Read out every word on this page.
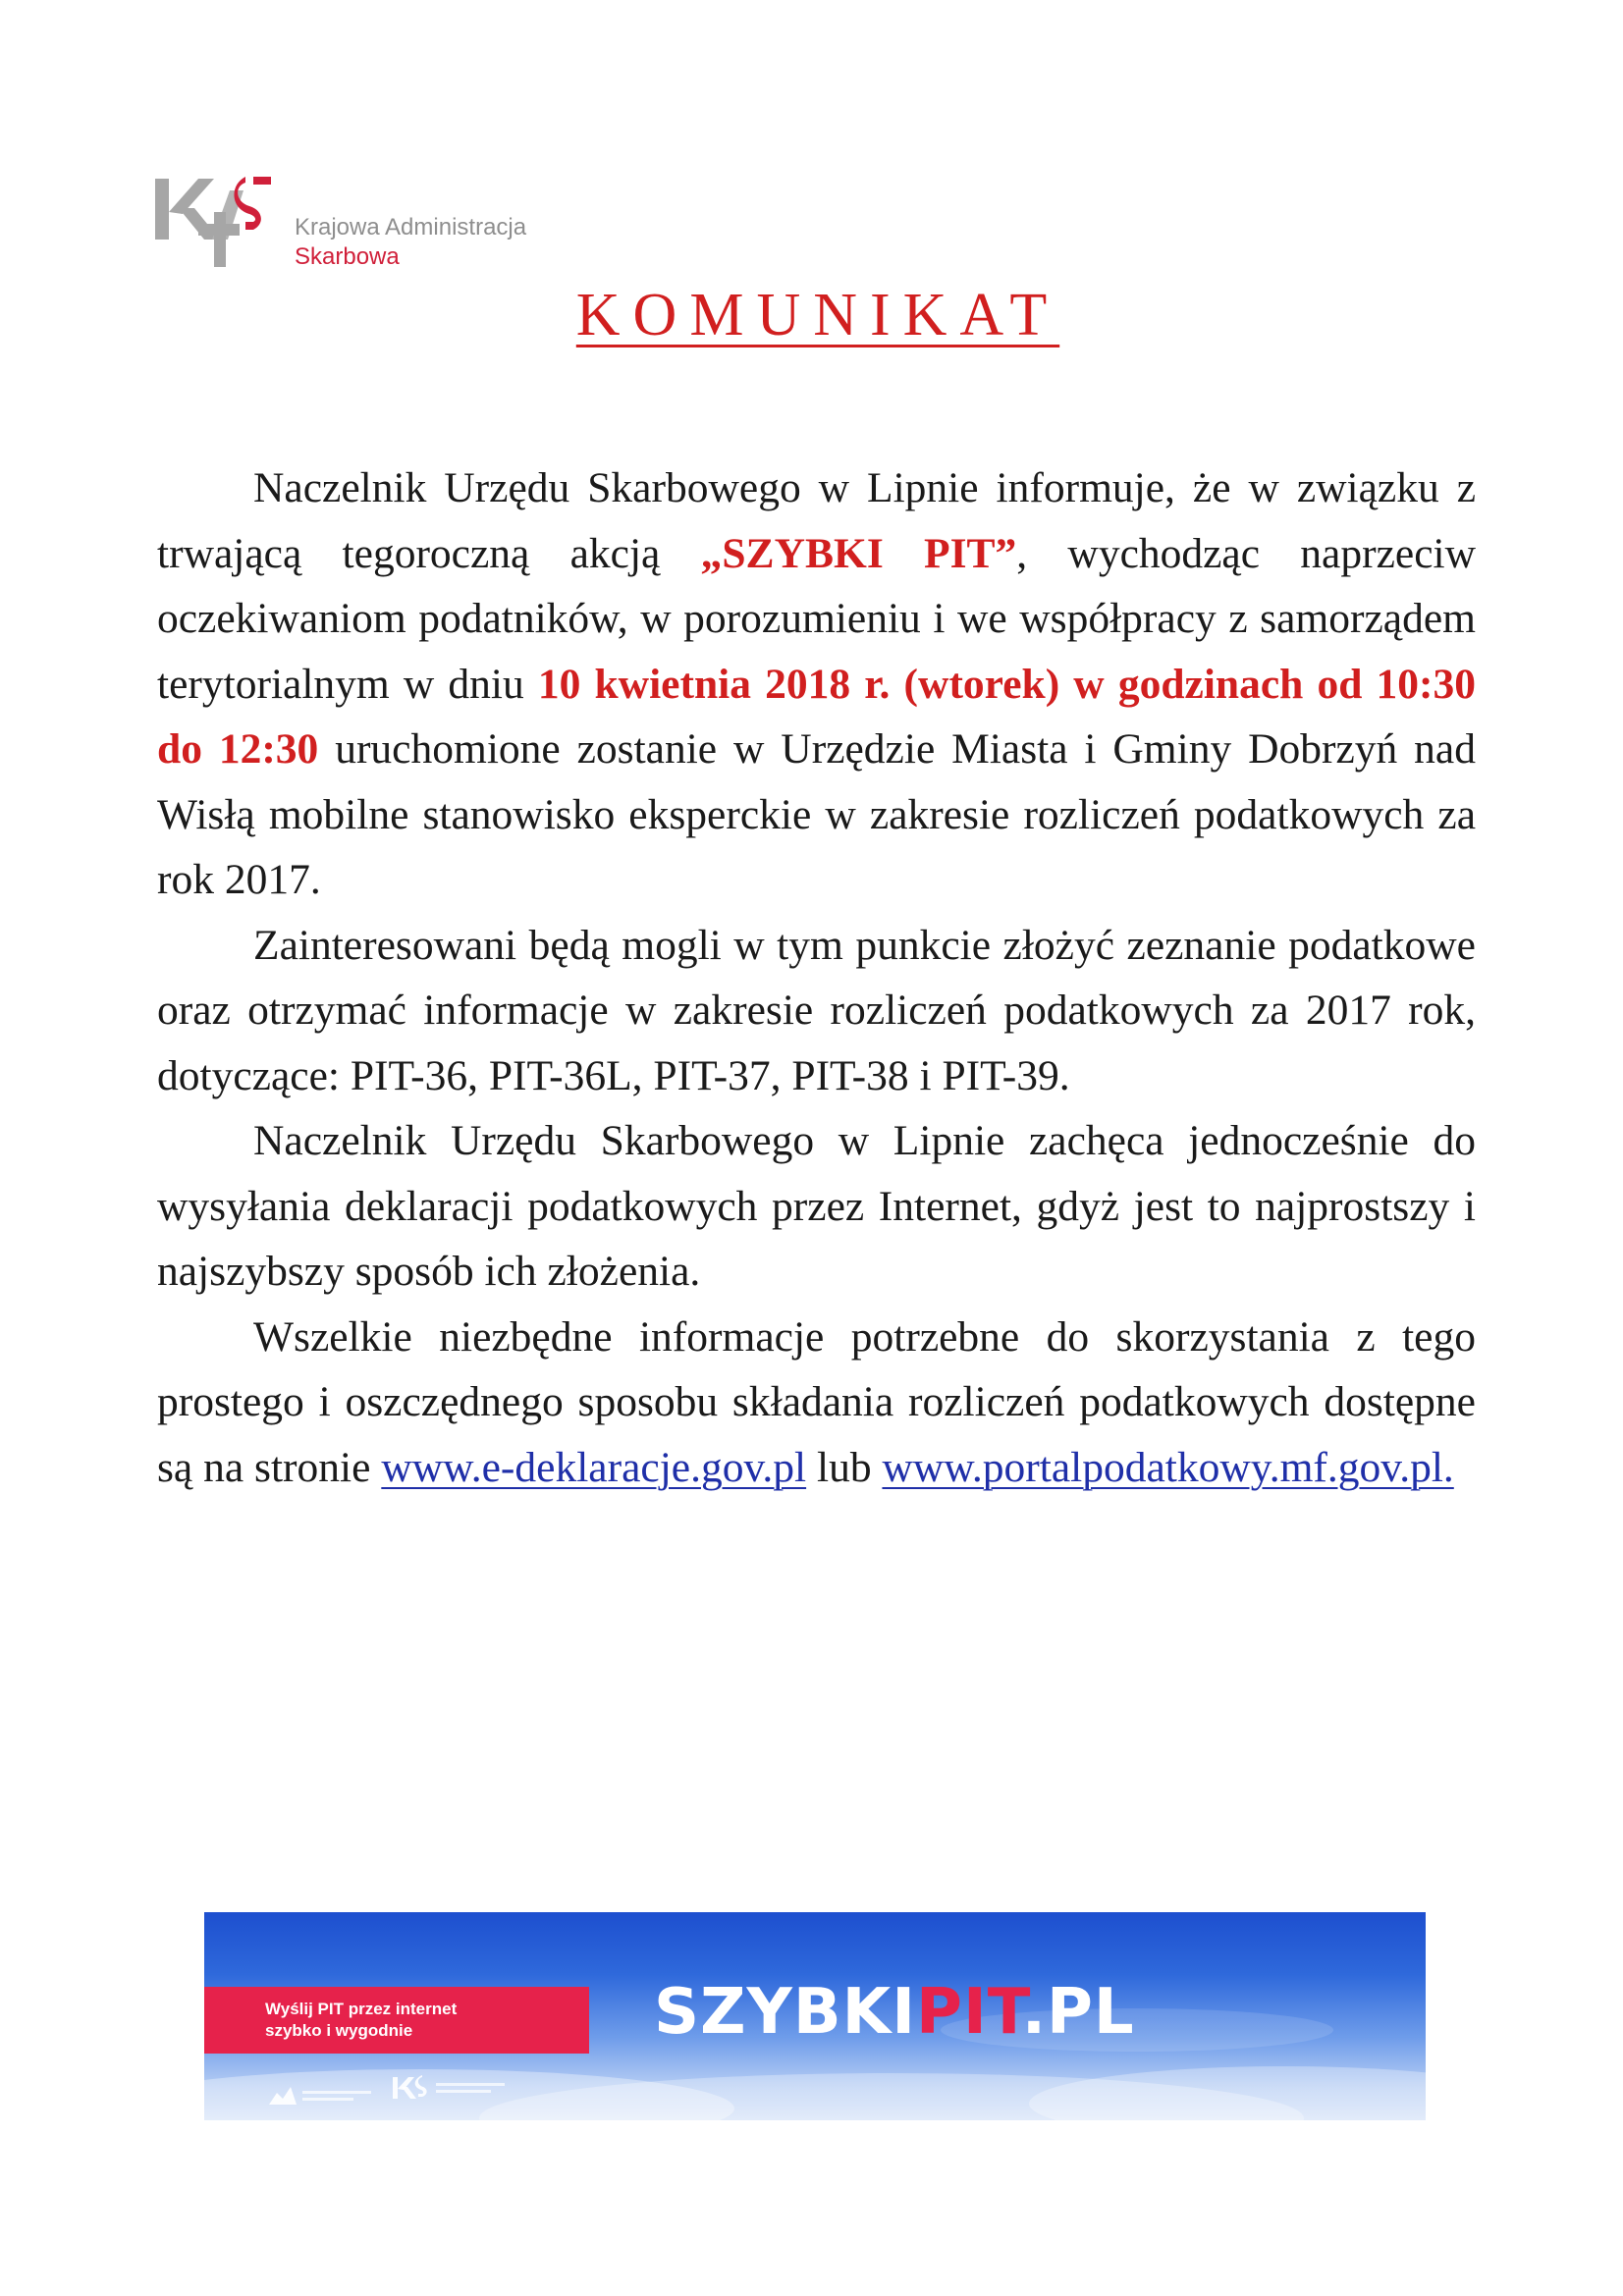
Krajowa Administracja
Skarbowa
KOMUNIKAT

Naczelnik Urzędu Skarbowego w Lipnie informuje, że w związku z trwającą tegoroczną akcją „SZYBKI PIT”, wychodząc naprzeciw oczekiwaniom podatników, w porozumieniu i we współpracy z samorządem terytorialnym w dniu 10 kwietnia 2018 r. (wtorek) w godzinach od 10:30 do 12:30 uruchomione zostanie w Urzędzie Miasta i Gminy Dobrzyń nad Wisłą mobilne stanowisko eksperckie w zakresie rozliczeń podatkowych za rok 2017.

Zainteresowani będą mogli w tym punkcie złożyć zeznanie podatkowe oraz otrzymać informacje w zakresie rozliczeń podatkowych za 2017 rok, dotyczące: PIT-36, PIT-36L, PIT-37, PIT-38 i PIT-39.

Naczelnik Urzędu Skarbowego w Lipnie zachęca jednocześnie do wysyłania deklaracji podatkowych przez Internet, gdyż jest to najprostszy i najszybszy sposób ich złożenia.

Wszelkie niezbędne informacje potrzebne do skorzystania z tego prostego i oszczędnego sposobu składania rozliczeń podatkowych dostępne są na stronie www.e-deklaracje.gov.pl lub www.portalpodatkowy.mf.gov.pl.

Wyślij PIT przez internet
szybko i wygodnie	SZYBKIPIT.PL
